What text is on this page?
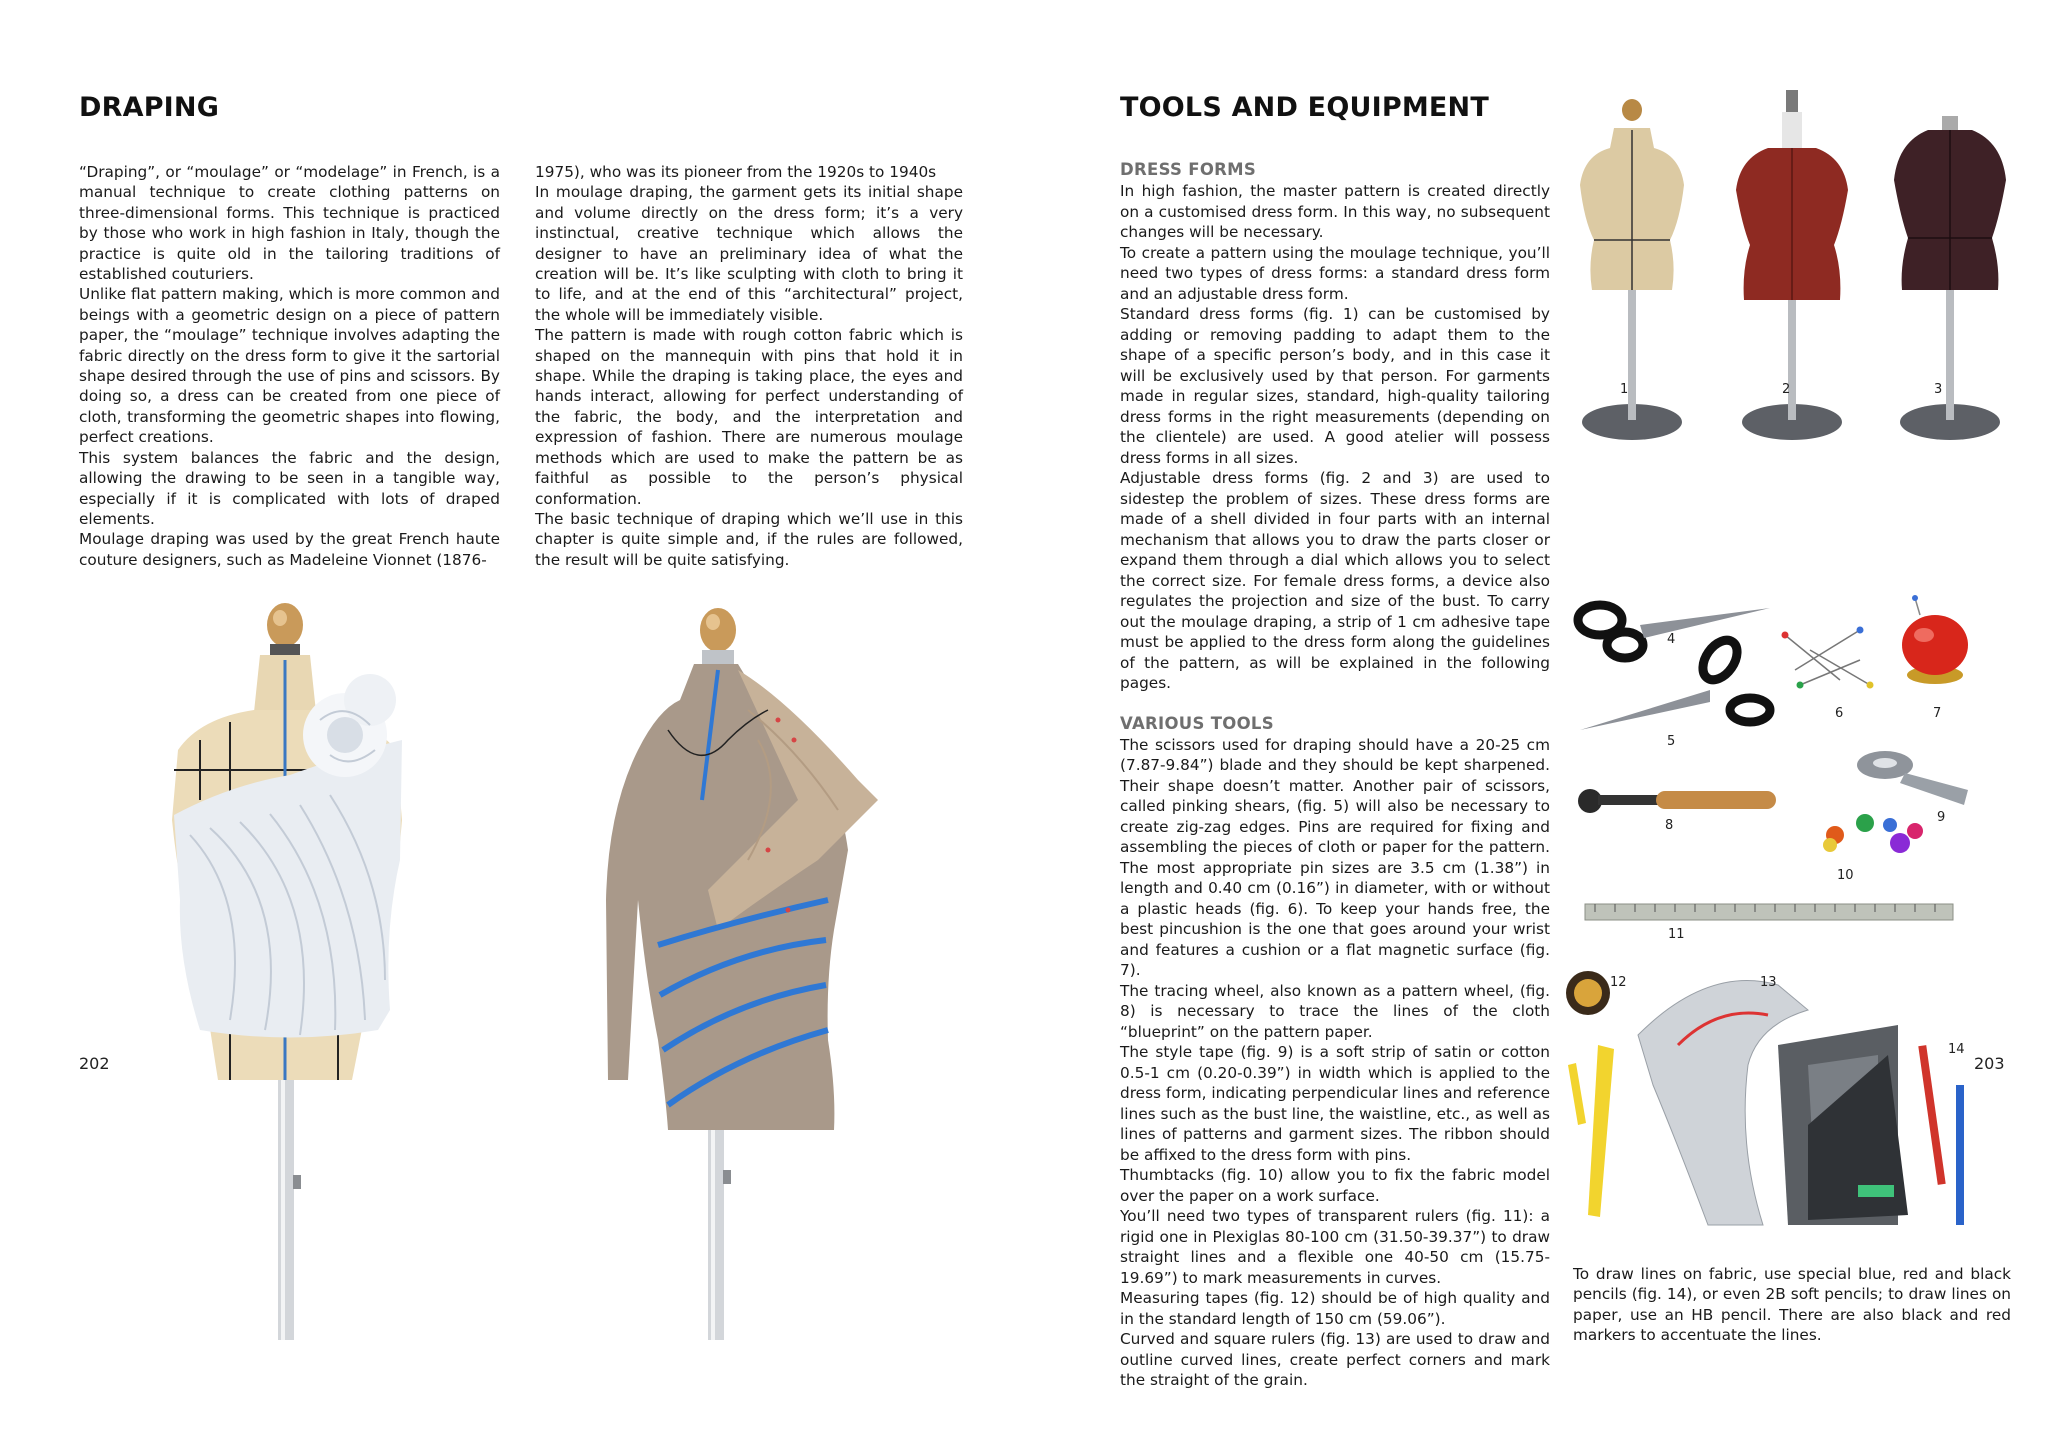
DRAPING

“Draping”, or “moulage” or “modelage” in French, is a manual technique to create clothing patterns on three-dimensional forms. This technique is practiced by those who work in high fashion in Italy, though the practice is quite old in the tailoring traditions of established couturiers.

Unlike flat pattern making, which is more common and beings with a geometric design on a piece of pattern paper, the “moulage” technique involves adapting the fabric directly on the dress form to give it the sartorial shape desired through the use of pins and scissors. By doing so, a dress can be created from one piece of cloth, transforming the geometric shapes into flowing, perfect creations.

This system balances the fabric and the design, allowing the drawing to be seen in a tangible way, especially if it is complicated with lots of draped elements.

Moulage draping was used by the great French haute couture designers, such as Madeleine Vionnet (1876-

1975), who was its pioneer from the 1920s to 1940s

In moulage draping, the garment gets its initial shape and volume directly on the dress form; it’s a very instinctual, creative technique which allows the designer to have an preliminary idea of what the creation will be. It’s like sculpting with cloth to bring it to life, and at the end of this “architectural” project, the whole will be immediately visible.

The pattern is made with rough cotton fabric which is shaped on the mannequin with pins that hold it in shape. While the draping is taking place, the eyes and hands interact, allowing for perfect understanding of the fabric, the body, and the interpretation and expression of fashion. There are numerous moulage methods which are used to make the pattern be as faithful as possible to the person’s physical conformation.

The basic technique of draping which we’ll use in this chapter is quite simple and, if the rules are followed, the result will be quite satisfying.

202
TOOLS AND EQUIPMENT
DRESS FORMS

In high fashion, the master pattern is created directly on a customised dress form. In this way, no subsequent changes will be necessary.

To create a pattern using the moulage technique, you’ll need two types of dress forms: a standard dress form and an adjustable dress form.

Standard dress forms (fig. 1) can be customised by adding or removing padding to adapt them to the shape of a specific person’s body, and in this case it will be exclusively used by that person. For garments made in regular sizes, standard, high-quality tailoring dress forms in the right measurements (depending on the clientele) are used. A good atelier will possess dress forms in all sizes.

Adjustable dress forms (fig. 2 and 3) are used to sidestep the problem of sizes. These dress forms are made of a shell divided in four parts with an internal mechanism that allows you to draw the parts closer or expand them through a dial which allows you to select the correct size. For female dress forms, a device also regulates the projection and size of the bust. To carry out the moulage draping, a strip of 1 cm adhesive tape must be applied to the dress form along the guidelines of the pattern, as will be explained in the following pages.

VARIOUS TOOLS

The scissors used for draping should have a 20-25 cm (7.87-9.84”) blade and they should be kept sharpened. Their shape doesn’t matter. Another pair of scissors, called pinking shears, (fig. 5) will also be necessary to create zig-zag edges. Pins are required for fixing and assembling the pieces of cloth or paper for the pattern. The most appropriate pin sizes are 3.5 cm (1.38”) in length and 0.40 cm (0.16”) in diameter, with or without a plastic heads (fig. 6). To keep your hands free, the best pincushion is the one that goes around your wrist and features a cushion or a flat magnetic surface (fig. 7).

The tracing wheel, also known as a pattern wheel, (fig. 8) is necessary to trace the lines of the cloth “blueprint” on the pattern paper.

The style tape (fig. 9) is a soft strip of satin or cotton 0.5-1 cm (0.20-0.39”) in width which is applied to the dress form, indicating perpendicular lines and reference lines such as the bust line, the waistline, etc., as well as lines of patterns and garment sizes. The ribbon should be affixed to the dress form with pins.

Thumbtacks (fig. 10) allow you to fix the fabric model over the paper on a work surface.

You’ll need two types of transparent rulers (fig. 11): a rigid one in Plexiglas 80-100 cm (31.50-39.37”) to draw straight lines and a flexible one 40-50 cm (15.75-19.69”) to mark measurements in curves.

Measuring tapes (fig. 12) should be of high quality and in the standard length of 150 cm (59.06”).

Curved and square rulers (fig. 13) are used to draw and outline curved lines, create perfect corners and mark the straight of the grain.

1	2	3
4
5
6	7
8
9
10
11
12	13
14

To draw lines on fabric, use special blue, red and black pencils (fig. 14), or even 2B soft pencils; to draw lines on paper, use an HB pencil. There are also black and red markers to accentuate the lines.

203
